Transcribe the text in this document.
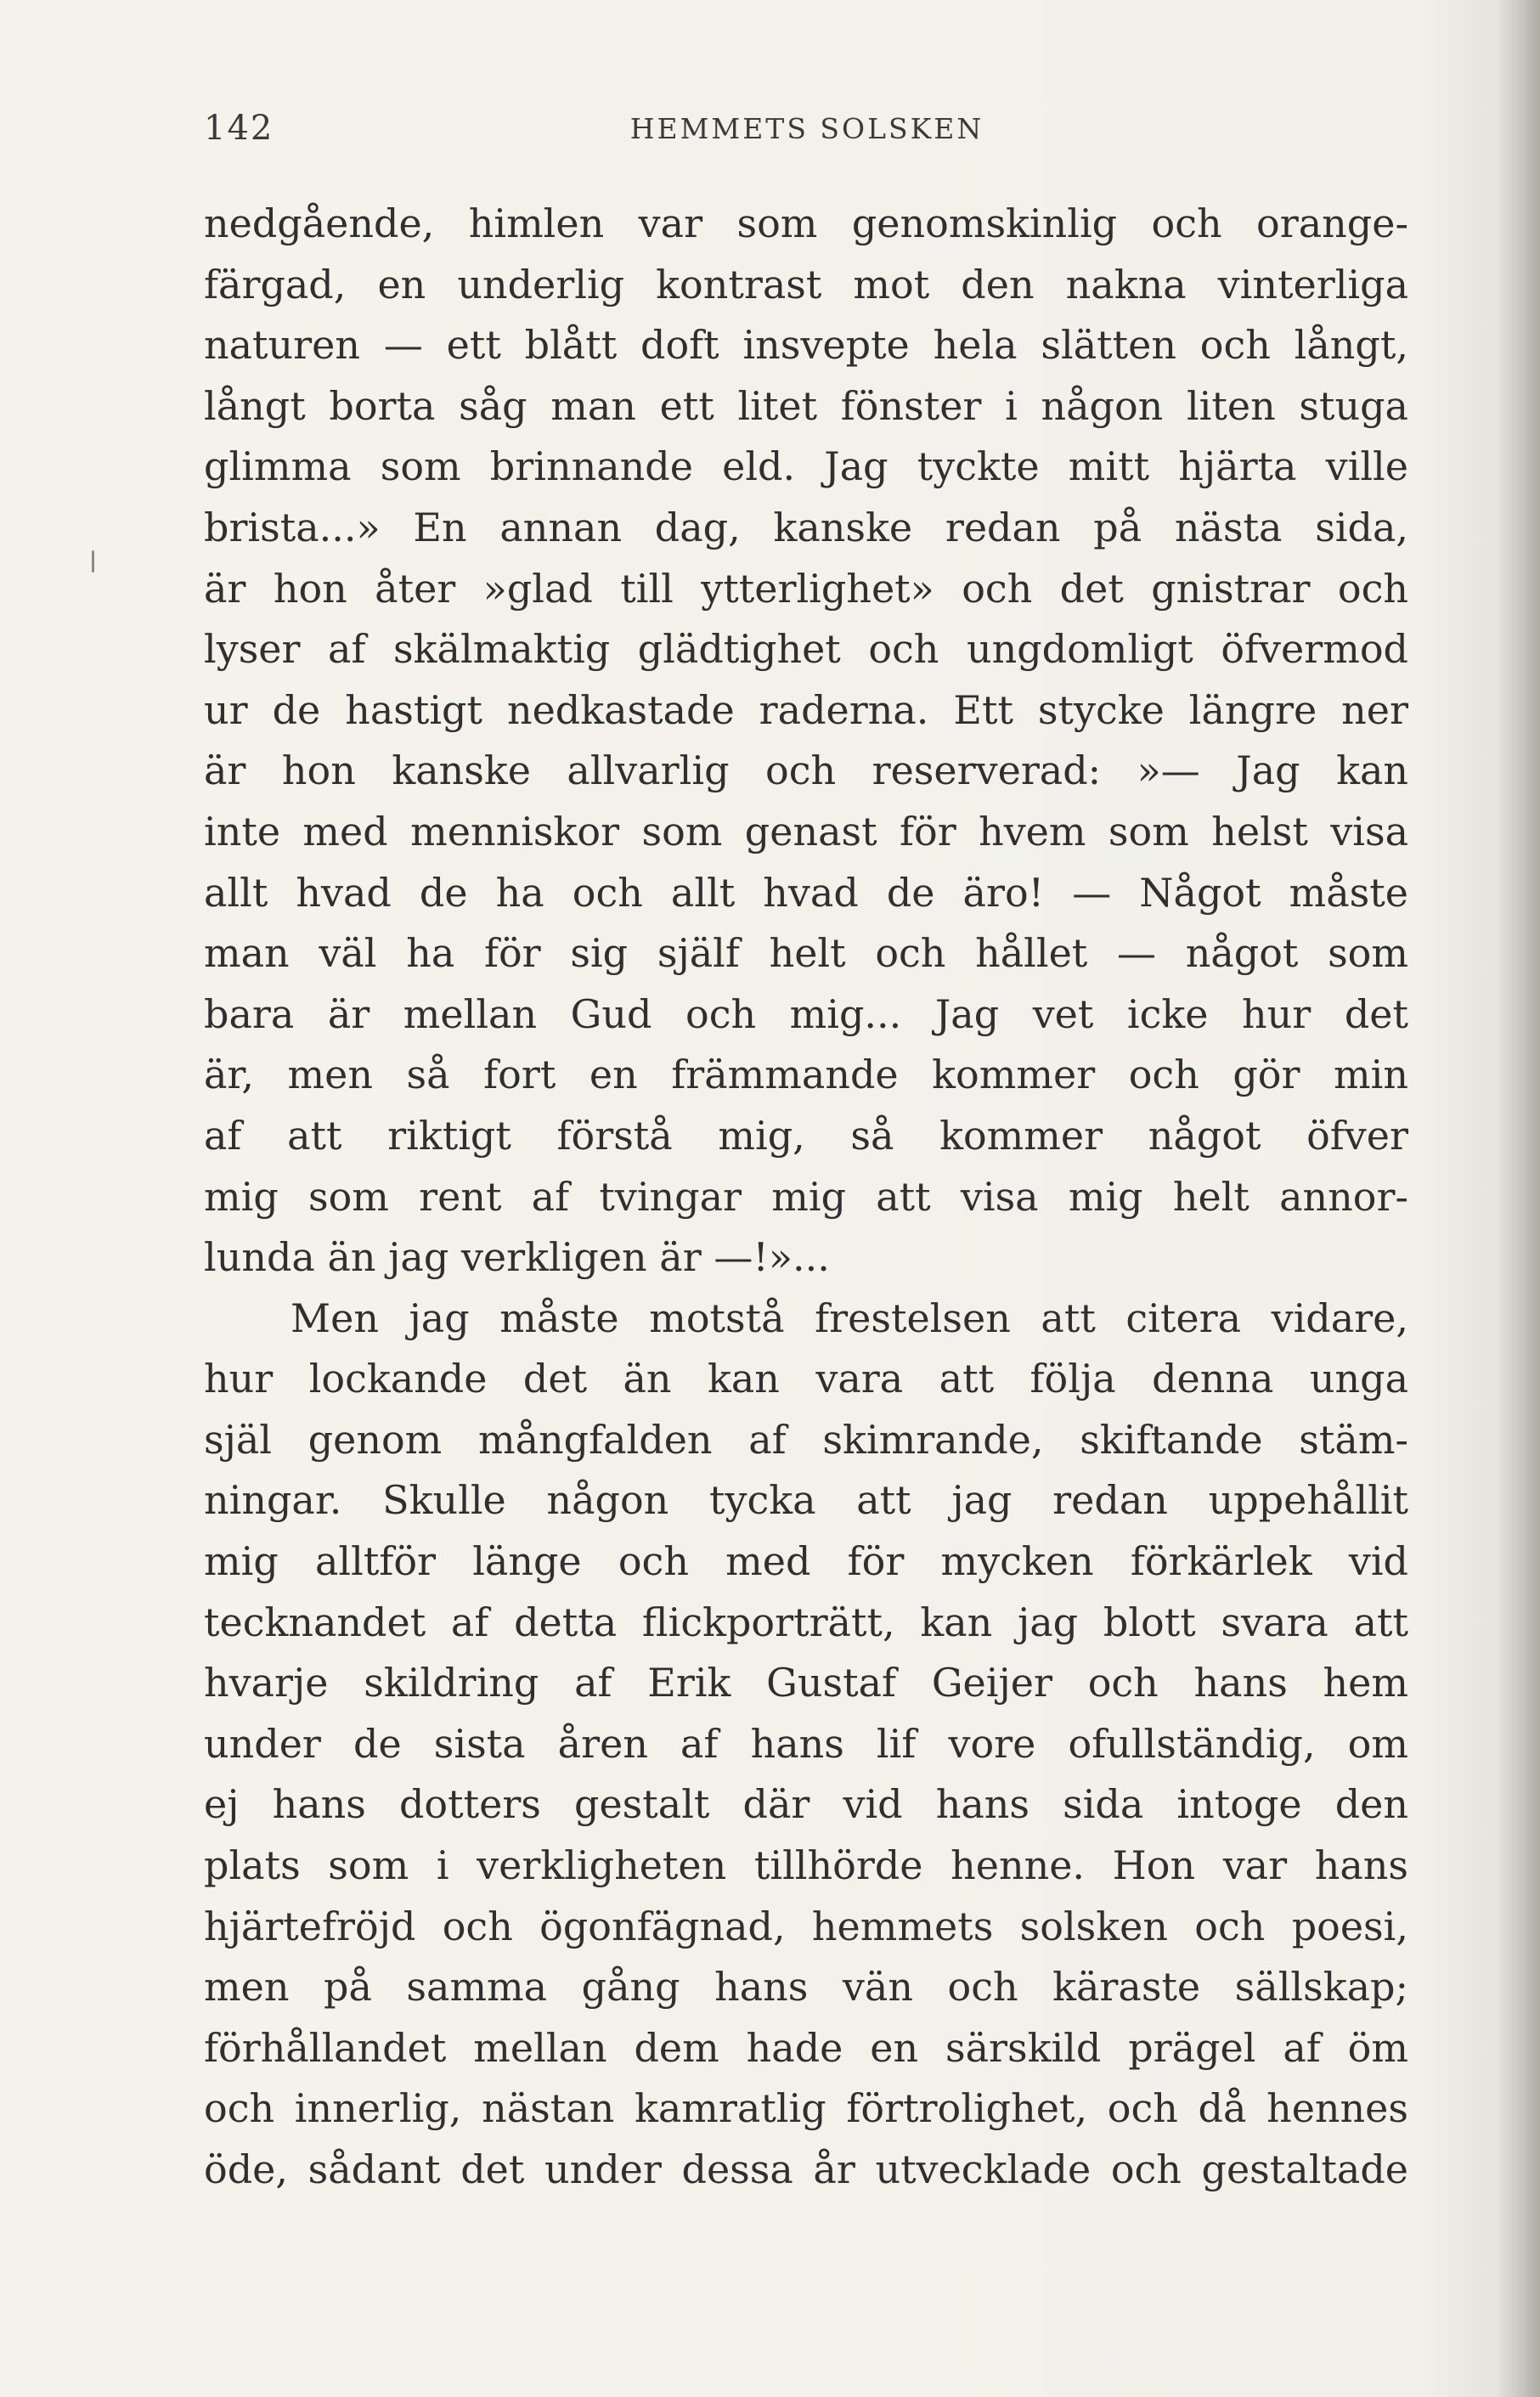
142	HEMMETS SOLSKEN
nedgående, himlen var som genomskinlig och orange-
färgad, en underlig kontrast mot den nakna vinterliga
naturen — ett blått doft insvepte hela slätten och långt,
långt borta såg man ett litet fönster i någon liten stuga
glimma som brinnande eld. Jag tyckte mitt hjärta ville
brista...» En annan dag, kanske redan på nästa sida,
är hon åter »glad till ytterlighet» och det gnistrar och
lyser af skälmaktig glädtighet och ungdomligt öfvermod
ur de hastigt nedkastade raderna. Ett stycke längre ner
är hon kanske allvarlig och reserverad: »— Jag kan
inte med menniskor som genast för hvem som helst visa
allt hvad de ha och allt hvad de äro! — Något måste
man väl ha för sig själf helt och hållet — något som
bara är mellan Gud och mig... Jag vet icke hur det
är, men så fort en främmande kommer och gör min
af att riktigt förstå mig, så kommer något öfver
mig som rent af tvingar mig att visa mig helt annor-
lunda än jag verkligen är —!»...
Men jag måste motstå frestelsen att citera vidare,
hur lockande det än kan vara att följa denna unga
själ genom mångfalden af skimrande, skiftande stäm-
ningar. Skulle någon tycka att jag redan uppehållit
mig alltför länge och med för mycken förkärlek vid
tecknandet af detta flickporträtt, kan jag blott svara att
hvarje skildring af Erik Gustaf Geijer och hans hem
under de sista åren af hans lif vore ofullständig, om
ej hans dotters gestalt där vid hans sida intoge den
plats som i verkligheten tillhörde henne. Hon var hans
hjärtefröjd och ögonfägnad, hemmets solsken och poesi,
men på samma gång hans vän och käraste sällskap;
förhållandet mellan dem hade en särskild prägel af öm
och innerlig, nästan kamratlig förtrolighet, och då hennes
öde, sådant det under dessa år utvecklade och gestaltade
